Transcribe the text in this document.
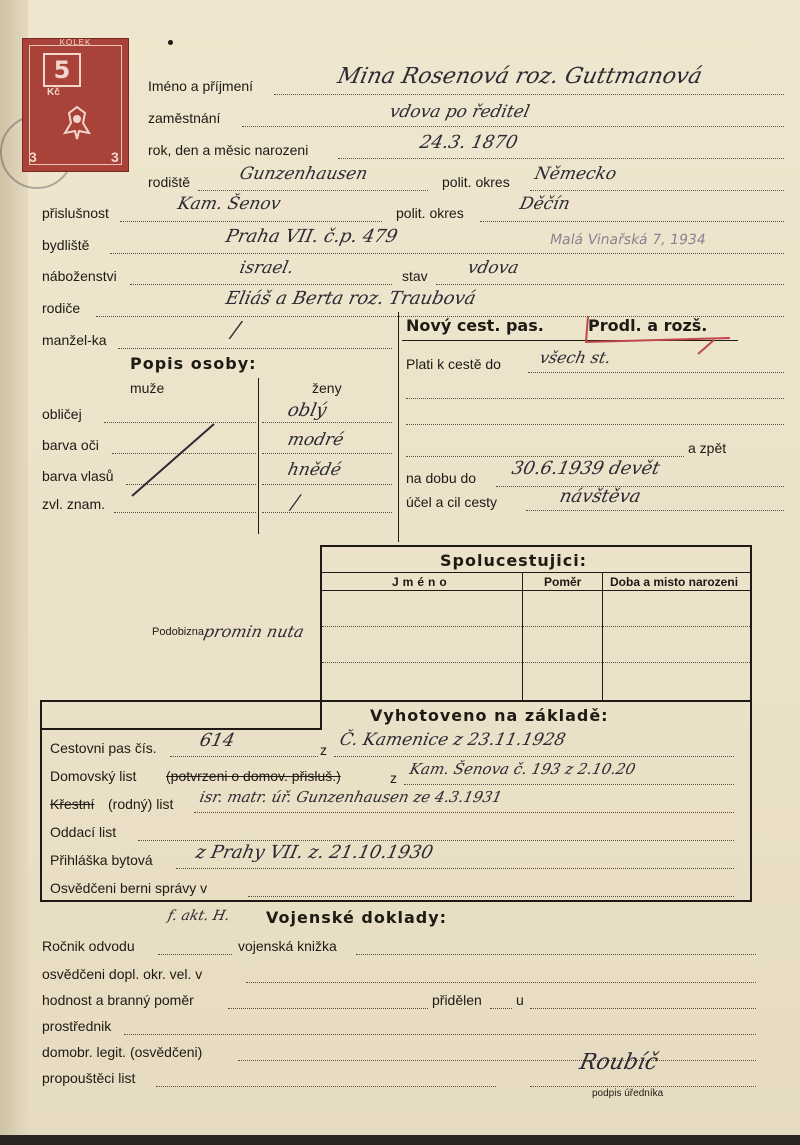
KOLEK
5
Kč
3	3
Iméno a příjmení	Mina Rosenová roz. Guttmanová
zaměstnání	vdova po ředitel
rok, den a měsic narozeni	24.3. 1870
rodiště	Gunzenhausen	polit. okres Německo
přislušnost	Kam. Šenov	polit. okres	Děčín
bydliště	Praha VII. č.p. 479	Malá Vinařská 7, 1934
náboženstvi	israel.	stav vdova
rodiče	Eliáš a Berta roz. Traubová
manžel-ka	/
Popis osoby:
muže	ženy
obličej	oblý
barva oči	modré
barva vlasů	hnědé
zvl. znam.	/
Nový cest. pas.	Prodl. a rozš.
Plati k cestě do všech st.
a zpět
na dobu do 30.6.1939 devět
účel a cil cesty	návštěva
Podobizna
promin nuta
Spolucestujici:
Jméno	Poměr Doba a misto narozeni
Vyhotoveno na základě:
Cestovni pas čís. 614	z Č. Kamenice z 23.11.1928
Domovský list (potvrzeni o domov. přisluš.)	z Kam. Šenova č. 193 z 2.10.20
Křestní (rodný) list isr. matr. úř. Gunzenhausen ze 4.3.1931
Oddací list
Přihláška bytová z Prahy VII. z. 21.10.1930
Osvědčeni berni správy v
f. akt. H. Vojenské doklady:
Ročnik odvodu	vojenská knižka
osvědčeni dopl. okr. vel. v
hodnost a branný poměr	přidělen u
prostřednik
domobr. legit. (osvědčeni)
propouštěci list
Roubíč
podpis úředníka
